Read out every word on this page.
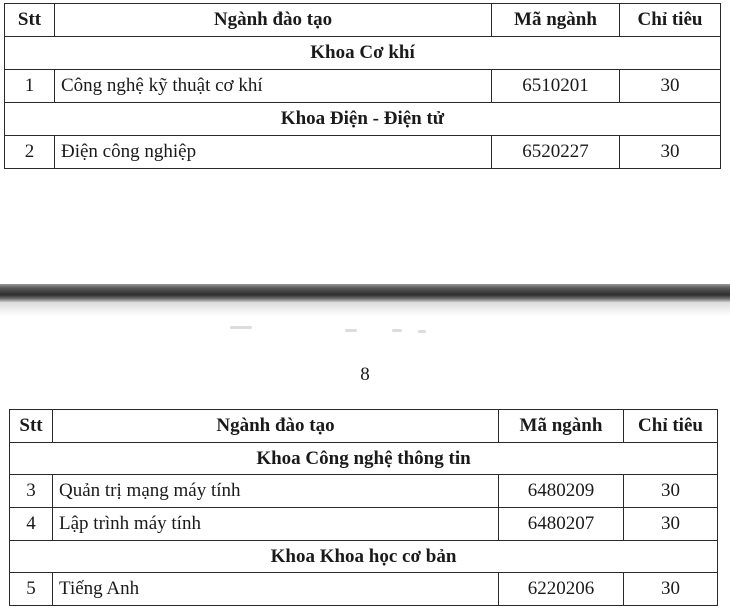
Stt	Ngành đào tạo	Mã ngành	Chỉ tiêu
Khoa Cơ khí			
1	Công nghệ kỹ thuật cơ khí	6510201	30
Khoa Điện - Điện tử			
2	Điện công nghiệp	6520227	30
8
Stt	Ngành đào tạo	Mã ngành	Chỉ tiêu
Khoa Công nghệ thông tin			
3	Quản trị mạng máy tính	6480209	30
4	Lập trình máy tính	6480207	30
Khoa Khoa học cơ bản			
5	Tiếng Anh	6220206	30
